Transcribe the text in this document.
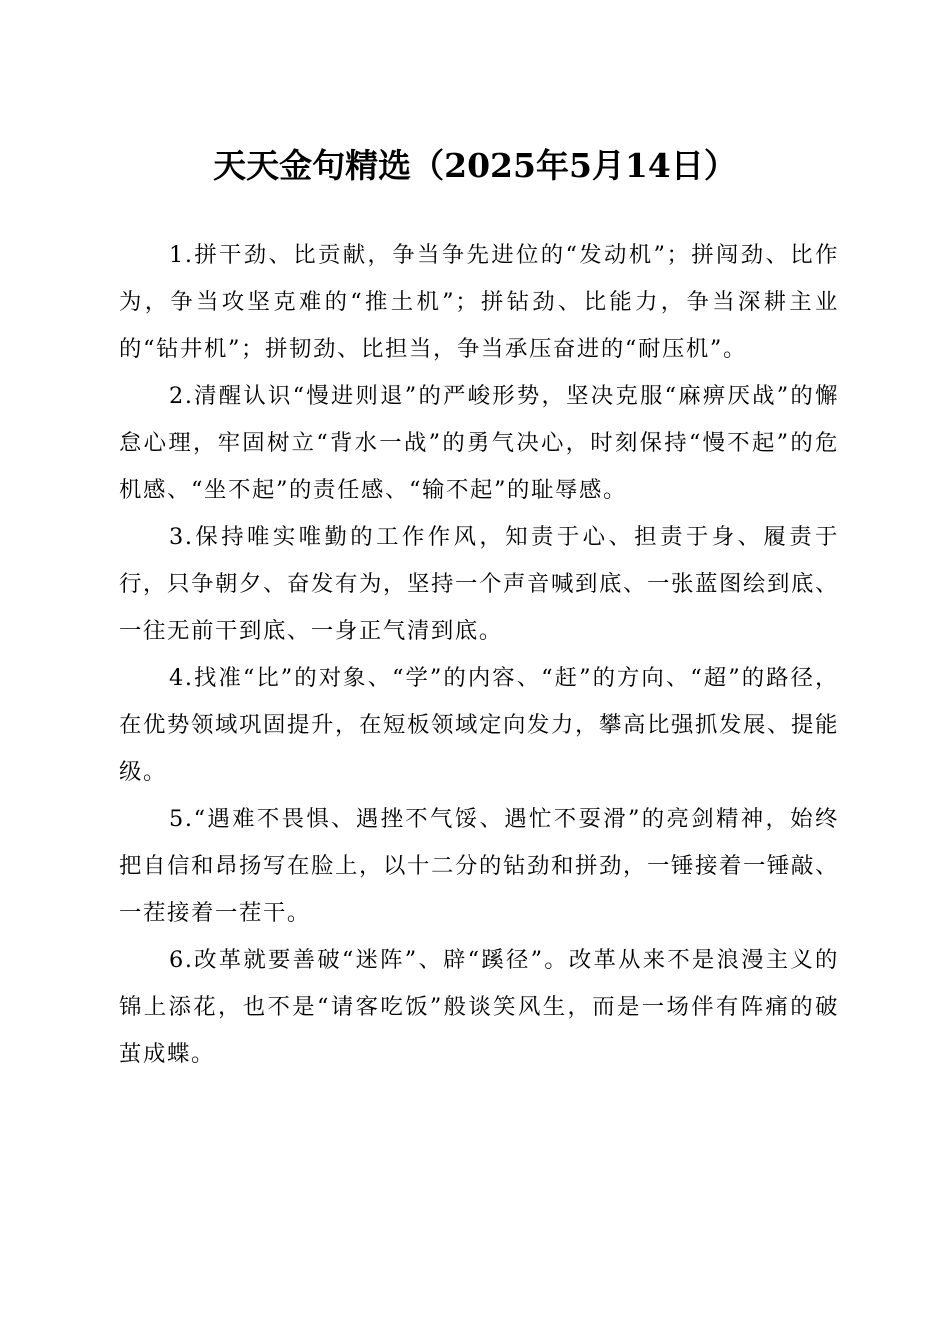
天天金句精选（2025年5月14日）

1.拼干劲、比贡献，争当争先进位的“发动机”；拼闯劲、比作为，争当攻坚克难的“推土机”；拼钻劲、比能力，争当深耕主业的“钻井机”；拼韧劲、比担当，争当承压奋进的“耐压机”。

2.清醒认识“慢进则退”的严峻形势，坚决克服“麻痹厌战”的懈怠心理，牢固树立“背水一战”的勇气决心，时刻保持“慢不起”的危机感、“坐不起”的责任感、“输不起”的耻辱感。

3.保持唯实唯勤的工作作风，知责于心、担责于身、履责于行，只争朝夕、奋发有为，坚持一个声音喊到底、一张蓝图绘到底、一往无前干到底、一身正气清到底。

4.找准“比”的对象、“学”的内容、“赶”的方向、“超”的路径，在优势领域巩固提升，在短板领域定向发力，攀高比强抓发展、提能级。

5.“遇难不畏惧、遇挫不气馁、遇忙不耍滑”的亮剑精神，始终把自信和昂扬写在脸上，以十二分的钻劲和拼劲，一锤接着一锤敲、一茬接着一茬干。

6.改革就要善破“迷阵”、辟“蹊径”。改革从来不是浪漫主义的锦上添花，也不是“请客吃饭”般谈笑风生，而是一场伴有阵痛的破茧成蝶。
